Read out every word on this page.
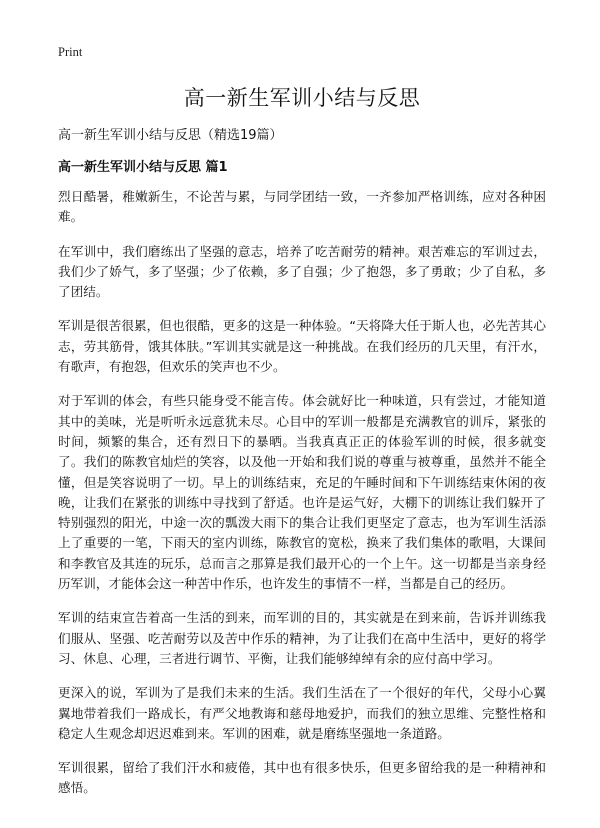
Print
高一新生军训小结与反思
高一新生军训小结与反思（精选19篇）
高一新生军训小结与反思 篇1

烈日酷暑，稚嫩新生，不论苦与累，与同学团结一致，一齐参加严格训练，应对各种困难。

在军训中，我们磨练出了坚强的意志，培养了吃苦耐劳的精神。艰苦难忘的军训过去，我们少了娇气，多了坚强；少了依赖，多了自强；少了抱怨，多了勇敢；少了自私，多了团结。

军训是很苦很累，但也很酷，更多的这是一种体验。“天将降大任于斯人也，必先苦其心志，劳其筋骨，饿其体肤。”军训其实就是这一种挑战。在我们经历的几天里，有汗水，有歌声，有抱怨，但欢乐的笑声也不少。

对于军训的体会，有些只能身受不能言传。体会就好比一种味道，只有尝过，才能知道其中的美味，光是听听永远意犹未尽。心目中的军训一般都是充满教官的训斥，紧张的时间，频繁的集合，还有烈日下的暴晒。当我真真正正的体验军训的时候，很多就变了。我们的陈教官灿烂的笑容，以及他一开始和我们说的尊重与被尊重，虽然并不能全懂，但是笑容说明了一切。早上的训练结束，充足的午睡时间和下午训练结束休闲的夜晚，让我们在紧张的训练中寻找到了舒适。也许是运气好，大棚下的训练让我们躲开了特别强烈的阳光，中途一次的瓢泼大雨下的集合让我们更坚定了意志，也为军训生活添上了重要的一笔，下雨天的室内训练，陈教官的宽松，换来了我们集体的歌唱，大课间和李教官及其连的玩乐，总而言之那算是我们最开心的一个上午。这一切都是当亲身经历军训，才能体会这一种苦中作乐，也许发生的事情不一样，当都是自己的经历。

军训的结束宣告着高一生活的到来，而军训的目的，其实就是在到来前，告诉并训练我们服从、坚强、吃苦耐劳以及苦中作乐的精神，为了让我们在高中生活中，更好的将学习、休息、心理，三者进行调节、平衡，让我们能够绰绰有余的应付高中学习。

更深入的说，军训为了是我们未来的生活。我们生活在了一个很好的年代，父母小心翼翼地带着我们一路成长，有严父地教诲和慈母地爱护，而我们的独立思维、完整性格和稳定人生观念却迟迟难到来。军训的困难，就是磨练坚强地一条道路。

军训很累，留给了我们汗水和疲倦，其中也有很多快乐，但更多留给我的是一种精神和感悟。
